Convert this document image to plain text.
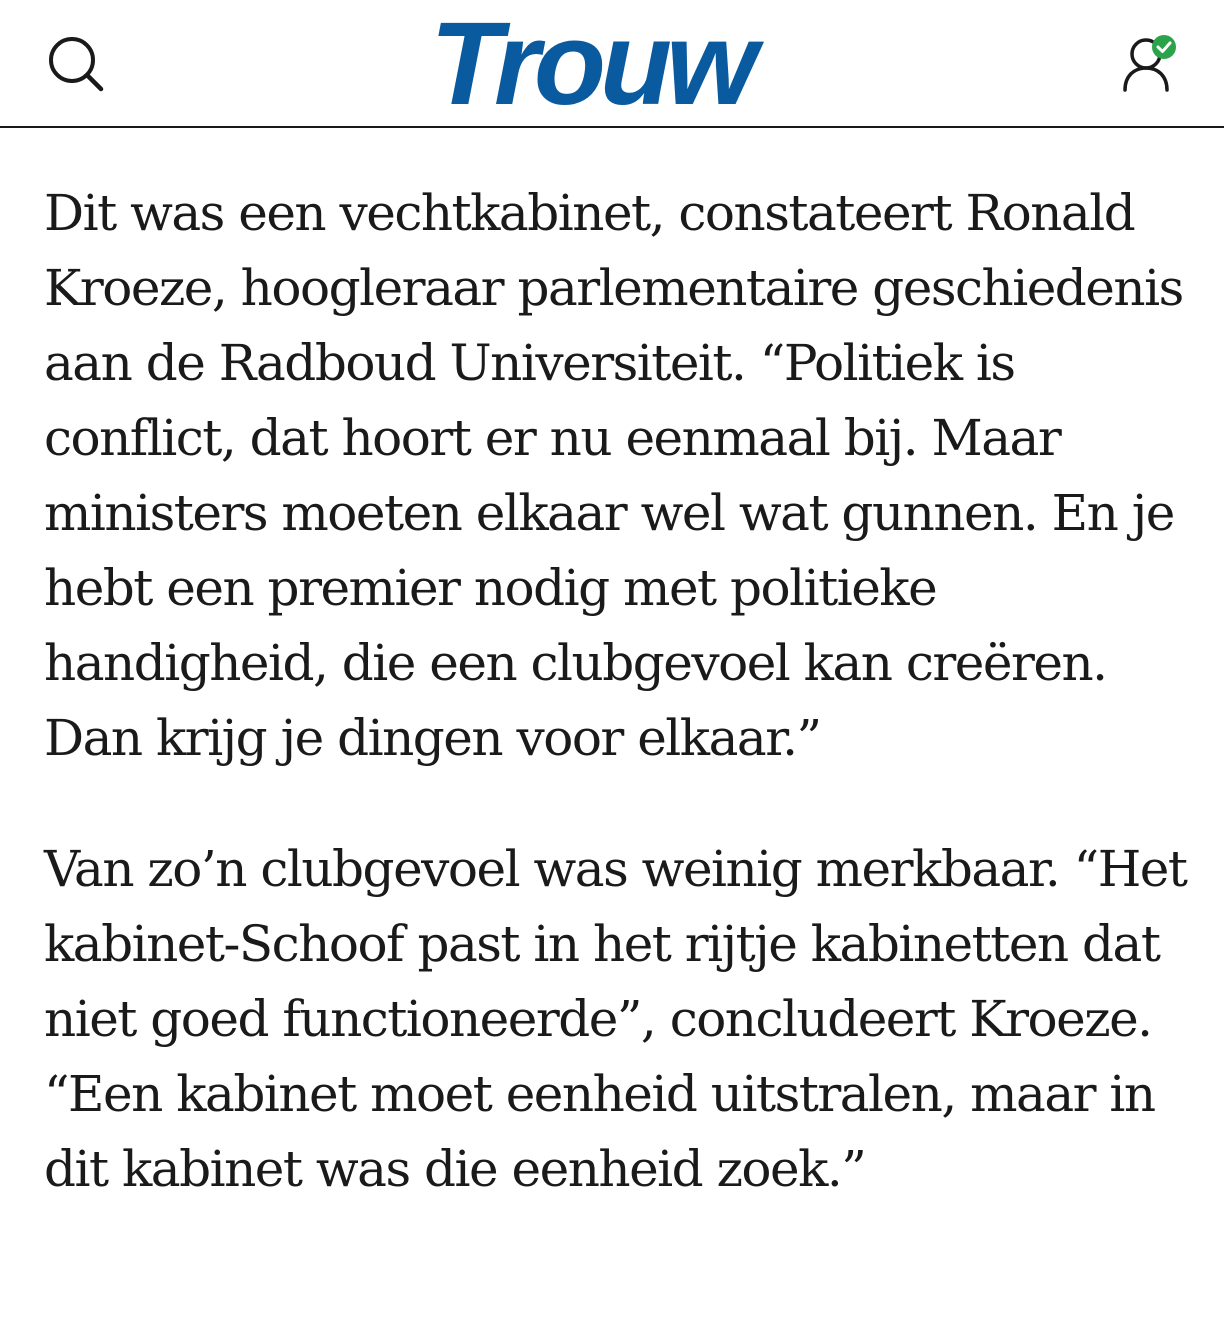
Trouw

Dit was een vechtkabinet, constateert Ronald Kroeze, hoogleraar parlementaire geschiedenis aan de Radboud Universiteit. “Politiek is conflict, dat hoort er nu eenmaal bij. Maar ministers moeten elkaar wel wat gunnen. En je hebt een premier nodig met politieke handigheid, die een clubgevoel kan creëren. Dan krijg je dingen voor elkaar.”

Van zo’n clubgevoel was weinig merkbaar. “Het kabinet-Schoof past in het rijtje kabinetten dat niet goed functioneerde”, concludeert Kroeze. “Een kabinet moet eenheid uitstralen, maar in dit kabinet was die eenheid zoek.”
